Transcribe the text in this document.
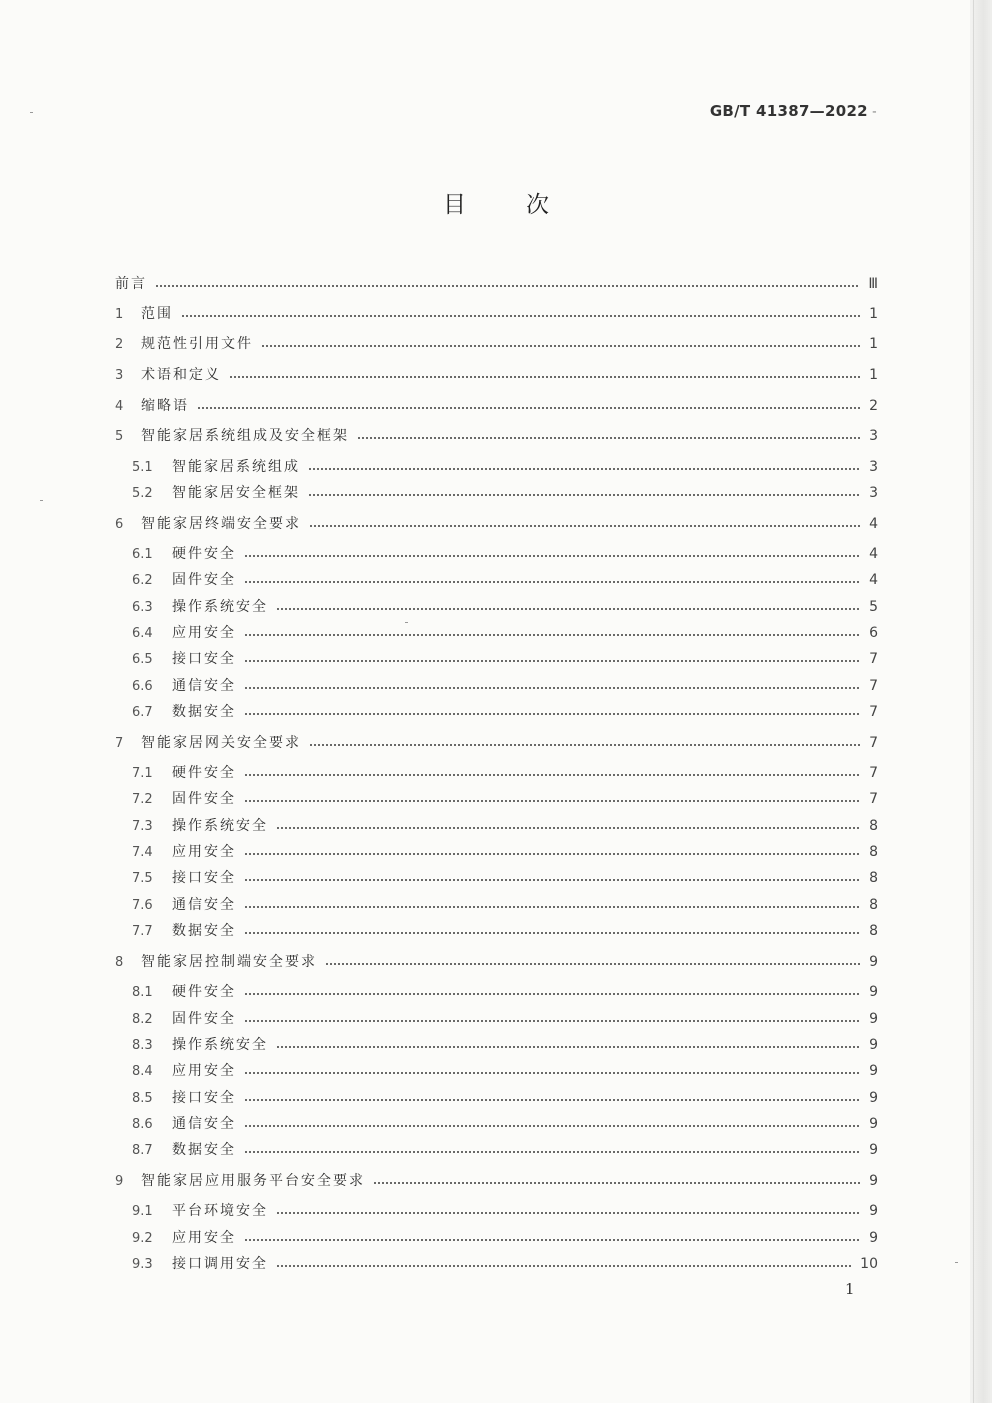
GB/T 41387—2022 ˗
目次
前言	Ⅲ
1	范围	1
2	规范性引用文件	1
3	术语和定义	1
4	缩略语	2
5	智能家居系统组成及安全框架	3
5.1	智能家居系统组成	3
5.2	智能家居安全框架	3
6	智能家居终端安全要求	4
6.1	硬件安全	4
6.2	固件安全	4
6.3	操作系统安全	5
6.4	应用安全	6
6.5	接口安全	7
6.6	通信安全	7
6.7	数据安全	7
7	智能家居网关安全要求	7
7.1	硬件安全	7
7.2	固件安全	7
7.3	操作系统安全	8
7.4	应用安全	8
7.5	接口安全	8
7.6	通信安全	8
7.7	数据安全	8
8	智能家居控制端安全要求	9
8.1	硬件安全	9
8.2	固件安全	9
8.3	操作系统安全	9
8.4	应用安全	9
8.5	接口安全	9
8.6	通信安全	9
8.7	数据安全	9
9	智能家居应用服务平台安全要求	9
9.1	平台环境安全	9
9.2	应用安全	9
9.3	接口调用安全	10
1
